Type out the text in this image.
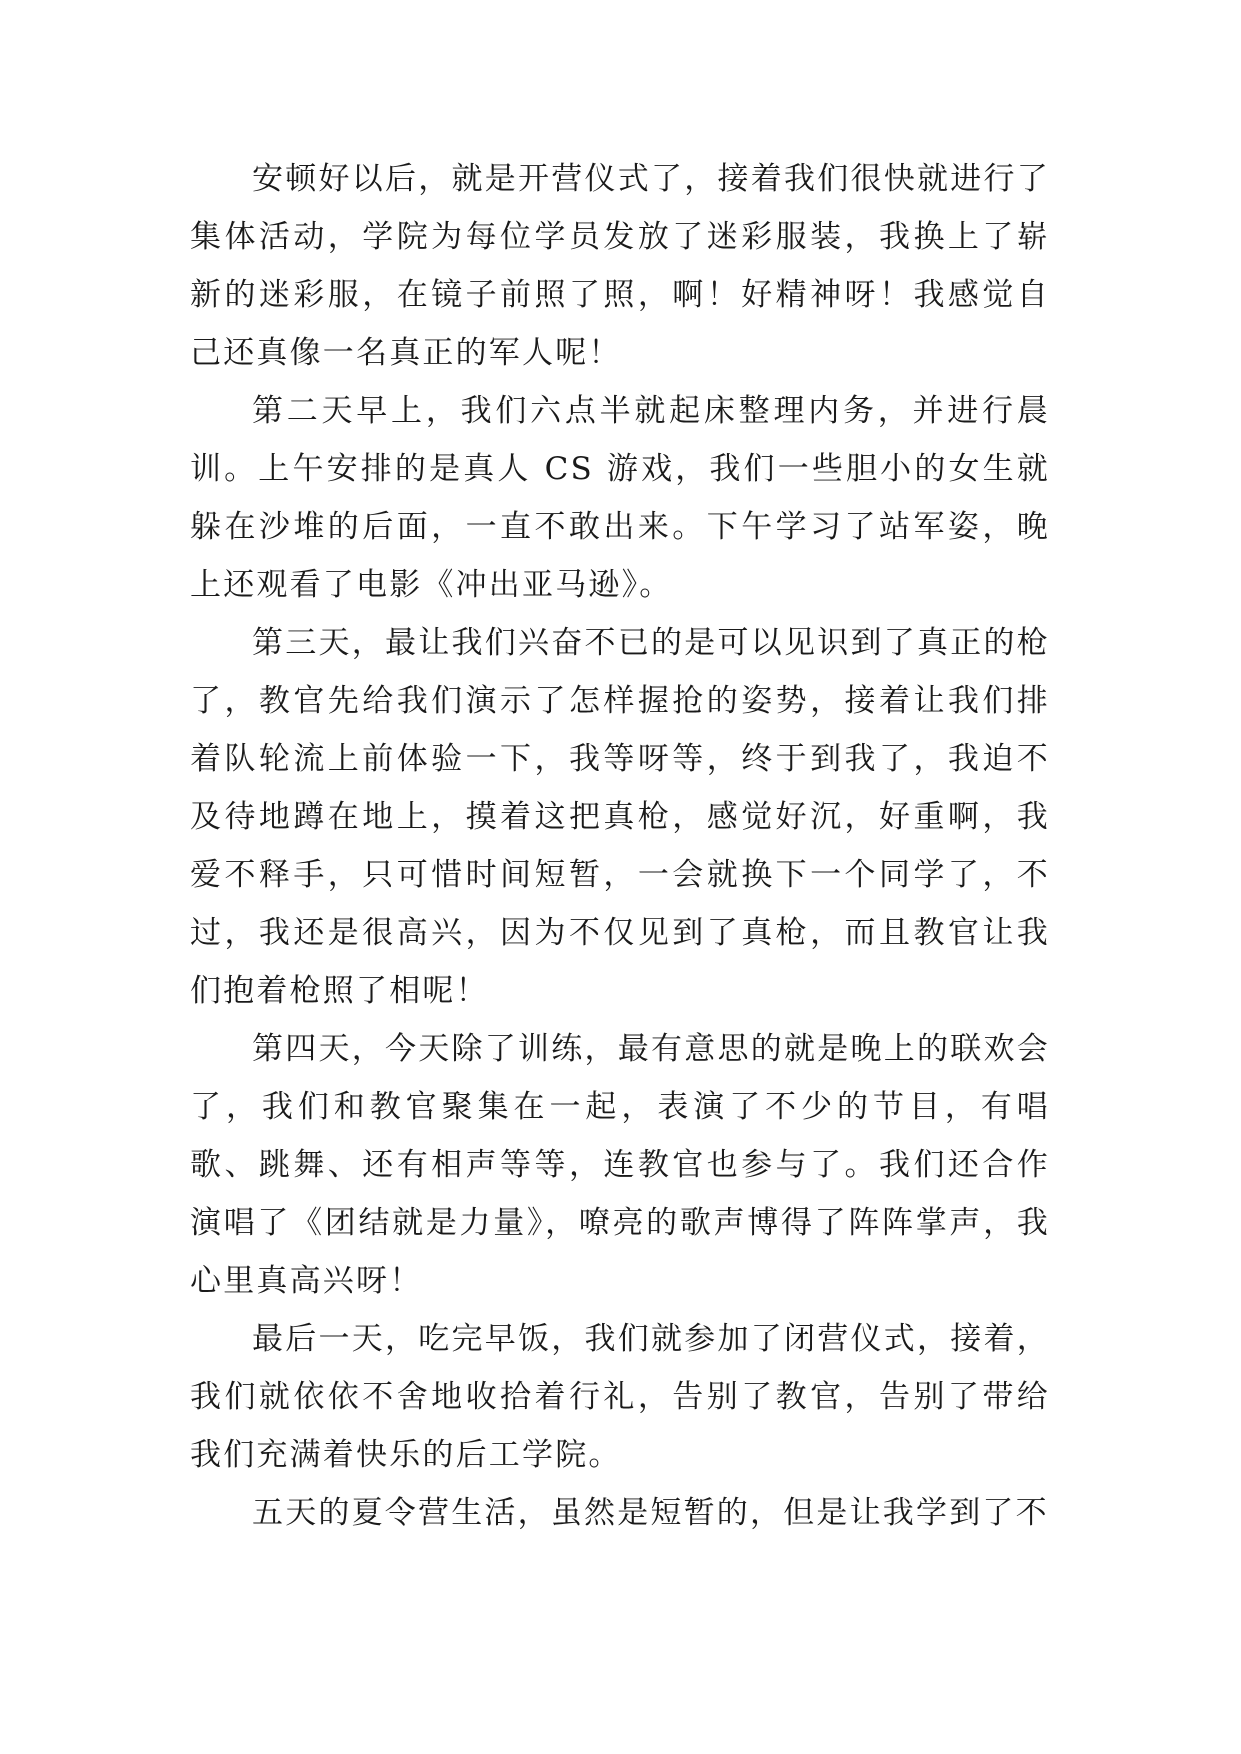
安顿好以后，就是开营仪式了，接着我们很快就进行了集体活动，学院为每位学员发放了迷彩服装，我换上了崭新的迷彩服，在镜子前照了照，啊！好精神呀！我感觉自己还真像一名真正的军人呢！

第二天早上，我们六点半就起床整理内务，并进行晨训。上午安排的是真人 CS 游戏，我们一些胆小的女生就躲在沙堆的后面，一直不敢出来。下午学习了站军姿，晚上还观看了电影《冲出亚马逊》。

第三天，最让我们兴奋不已的是可以见识到了真正的枪了，教官先给我们演示了怎样握抢的姿势，接着让我们排着队轮流上前体验一下，我等呀等，终于到我了，我迫不及待地蹲在地上，摸着这把真枪，感觉好沉，好重啊，我爱不释手，只可惜时间短暂，一会就换下一个同学了，不过，我还是很高兴，因为不仅见到了真枪，而且教官让我们抱着枪照了相呢！

第四天，今天除了训练，最有意思的就是晚上的联欢会了，我们和教官聚集在一起，表演了不少的节目，有唱歌、跳舞、还有相声等等，连教官也参与了。我们还合作演唱了《团结就是力量》，嘹亮的歌声博得了阵阵掌声，我心里真高兴呀！

最后一天，吃完早饭，我们就参加了闭营仪式，接着，我们就依依不舍地收拾着行礼，告别了教官，告别了带给我们充满着快乐的后工学院。

五天的夏令营生活，虽然是短暂的，但是让我学到了不
